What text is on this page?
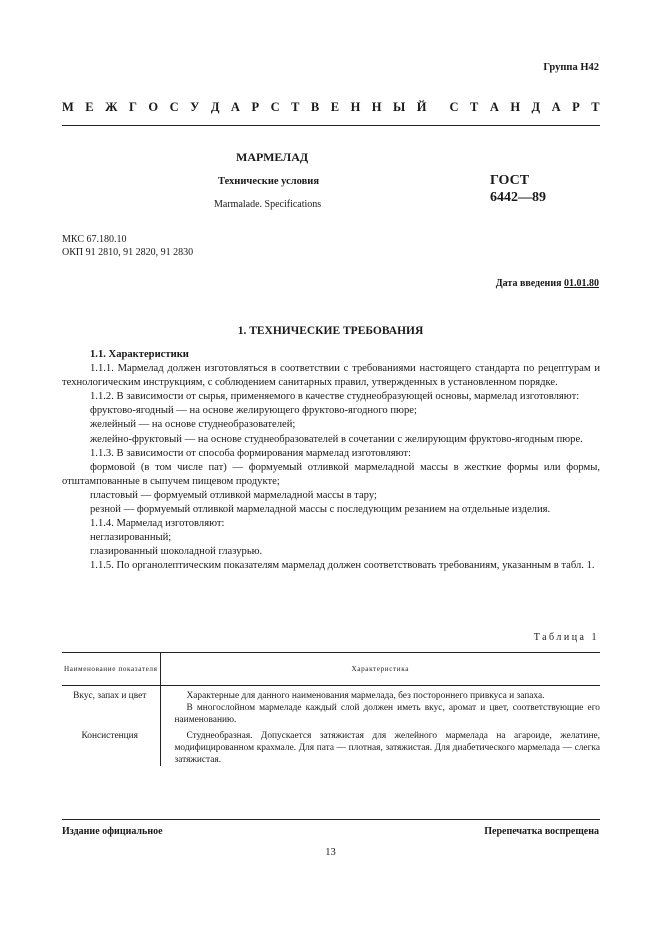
Группа Н42
М Е Ж Г О С У Д А Р С Т В Е Н Н Ы Й С Т А Н Д А Р Т
МАРМЕЛАД
Технические условия
Marmalade. Specifications
ГОСТ
6442—89
МКС 67.180.10
ОКП 91 2810, 91 2820, 91 2830
Дата введения 01.01.80
1. ТЕХНИЧЕСКИЕ ТРЕБОВАНИЯ

1.1. Характеристики

1.1.1. Мармелад должен изготовляться в соответствии с требованиями настоящего стандарта по рецептурам и технологическим инструкциям, с соблюдением санитарных правил, утвержденных в установленном порядке.

1.1.2. В зависимости от сырья, применяемого в качестве студнеобразующей основы, мармелад изготовляют:

фруктово-ягодный — на основе желирующего фруктово-ягодного пюре;

желейный — на основе студнеобразователей;

желейно-фруктовый — на основе студнеобразователей в сочетании с желирующим фруктово-ягодным пюре.

1.1.3. В зависимости от способа формирования мармелад изготовляют:

формовой (в том числе пат) — формуемый отливкой мармеладной массы в жесткие формы или формы, отштампованные в сыпучем пищевом продукте;

пластовый — формуемый отливкой мармеладной массы в тару;

резной — формуемый отливкой мармеладной массы с последующим резанием на отдельные изделия.

1.1.4. Мармелад изготовляют:

неглазированный;

глазированный шоколадной глазурью.

1.1.5. По органолептическим показателям мармелад должен соответствовать требованиям, указанным в табл. 1.

Таблица 1
Наименование показателя	Характеристика
Вкус, запах и цвет	Характерные для данного наименования мармелада, без постороннего привкуса и запаха.

В многослойном мармеладе каждый слой должен иметь вкус, аромат и цвет, соответствующие его наименованию.

Консистенция	Студнеобразная. Допускается затяжистая для желейного мармелада на агароиде, желатине, модифицированном крахмале. Для пата — плотная, затяжистая. Для диабетического мармелада — слегка затяжистая.

Издание официальное	Перепечатка воспрещена
13
